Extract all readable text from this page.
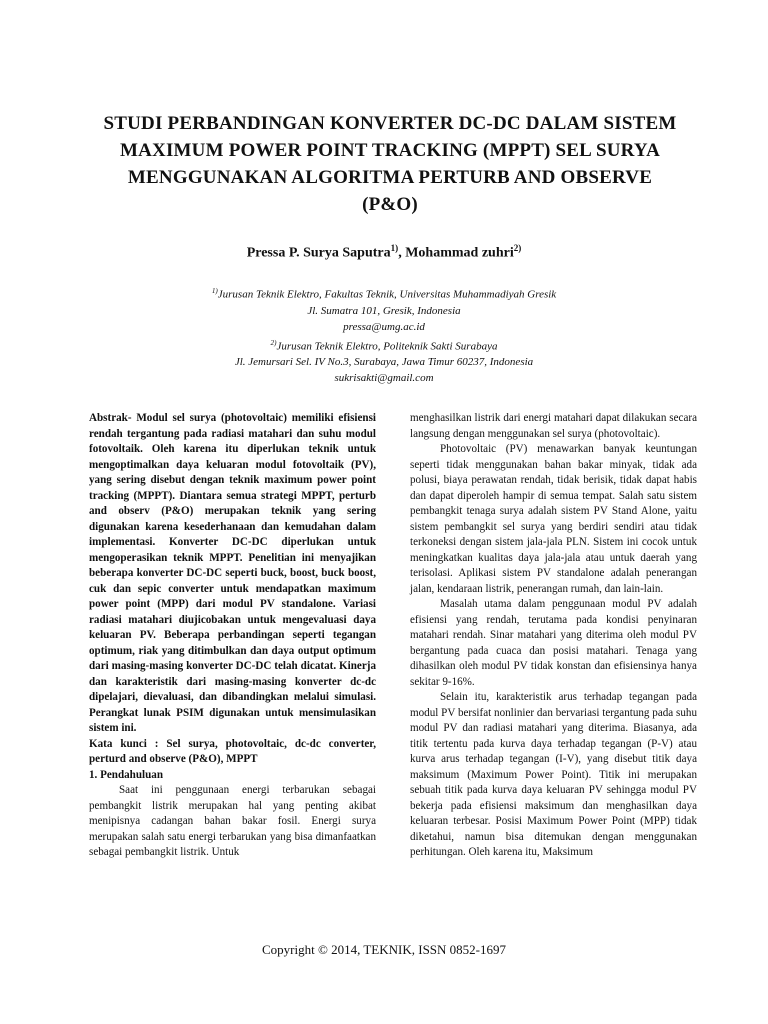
STUDI PERBANDINGAN KONVERTER DC-DC DALAM SISTEM
MAXIMUM POWER POINT TRACKING (MPPT) SEL SURYA
MENGGUNAKAN ALGORITMA PERTURB AND OBSERVE
(P&O)
Pressa P. Surya Saputra$^{1)}$, Mohammad zuhri$^{2)}$
$^{1)}$Jurusan Teknik Elektro, Fakultas Teknik, Universitas Muhammadiyah Gresik
Jl. Sumatra 101, Gresik, Indonesia
pressa@umg.ac.id
$^{2)}$Jurusan Teknik Elektro, Politeknik Sakti Surabaya
Jl. Jemursari Sel. IV No.3, Surabaya, Jawa Timur 60237, Indonesia
sukrisakti@gmail.com

Abstrak- Modul sel surya (photovoltaic) memiliki efisiensi rendah tergantung pada radiasi matahari dan suhu modul fotovoltaik. Oleh karena itu diperlukan teknik untuk mengoptimalkan daya keluaran modul fotovoltaik (PV), yang sering disebut dengan teknik maximum power point tracking (MPPT). Diantara semua strategi MPPT, perturb and observ (P&O) merupakan teknik yang sering digunakan karena kesederhanaan dan kemudahan dalam implementasi. Konverter DC-DC diperlukan untuk mengoperasikan teknik MPPT. Penelitian ini menyajikan beberapa konverter DC-DC seperti buck, boost, buck boost, cuk dan sepic converter untuk mendapatkan maximum power point (MPP) dari modul PV standalone. Variasi radiasi matahari diujicobakan untuk mengevaluasi daya keluaran PV. Beberapa perbandingan seperti tegangan optimum, riak yang ditimbulkan dan daya output optimum dari masing-masing konverter DC-DC telah dicatat. Kinerja dan karakteristik dari masing-masing konverter dc-dc dipelajari, dievaluasi, dan dibandingkan melalui simulasi. Perangkat lunak PSIM digunakan untuk mensimulasikan sistem ini.

Kata kunci : Sel surya, photovoltaic, dc-dc converter, perturd and observe (P&O), MPPT

1. Pendahuluan

Saat ini penggunaan energi terbarukan sebagai pembangkit listrik merupakan hal yang penting akibat menipisnya cadangan bahan bakar fosil. Energi surya merupakan salah satu energi terbarukan yang bisa dimanfaatkan sebagai pembangkit listrik. Untuk

menghasilkan listrik dari energi matahari dapat dilakukan secara langsung dengan menggunakan sel surya (photovoltaic).

Photovoltaic (PV) menawarkan banyak keuntungan seperti tidak menggunakan bahan bakar minyak, tidak ada polusi, biaya perawatan rendah, tidak berisik, tidak dapat habis dan dapat diperoleh hampir di semua tempat. Salah satu sistem pembangkit tenaga surya adalah sistem PV Stand Alone, yaitu sistem pembangkit sel surya yang berdiri sendiri atau tidak terkoneksi dengan sistem jala-jala PLN. Sistem ini cocok untuk meningkatkan kualitas daya jala-jala atau untuk daerah yang terisolasi. Aplikasi sistem PV standalone adalah penerangan jalan, kendaraan listrik, penerangan rumah, dan lain-lain.

Masalah utama dalam penggunaan modul PV adalah efisiensi yang rendah, terutama pada kondisi penyinaran matahari rendah. Sinar matahari yang diterima oleh modul PV bergantung pada cuaca dan posisi matahari. Tenaga yang dihasilkan oleh modul PV tidak konstan dan efisiensinya hanya sekitar 9-16%.

Selain itu, karakteristik arus terhadap tegangan pada modul PV bersifat nonlinier dan bervariasi tergantung pada suhu modul PV dan radiasi matahari yang diterima. Biasanya, ada titik tertentu pada kurva daya terhadap tegangan (P-V) atau kurva arus terhadap tegangan (I-V), yang disebut titik daya maksimum (Maximum Power Point). Titik ini merupakan sebuah titik pada kurva daya keluaran PV sehingga modul PV bekerja pada efisiensi maksimum dan menghasilkan daya keluaran terbesar. Posisi Maximum Power Point (MPP) tidak diketahui, namun bisa ditemukan dengan menggunakan perhitungan. Oleh karena itu, Maksimum

Copyright © 2014, TEKNIK, ISSN 0852-1697
